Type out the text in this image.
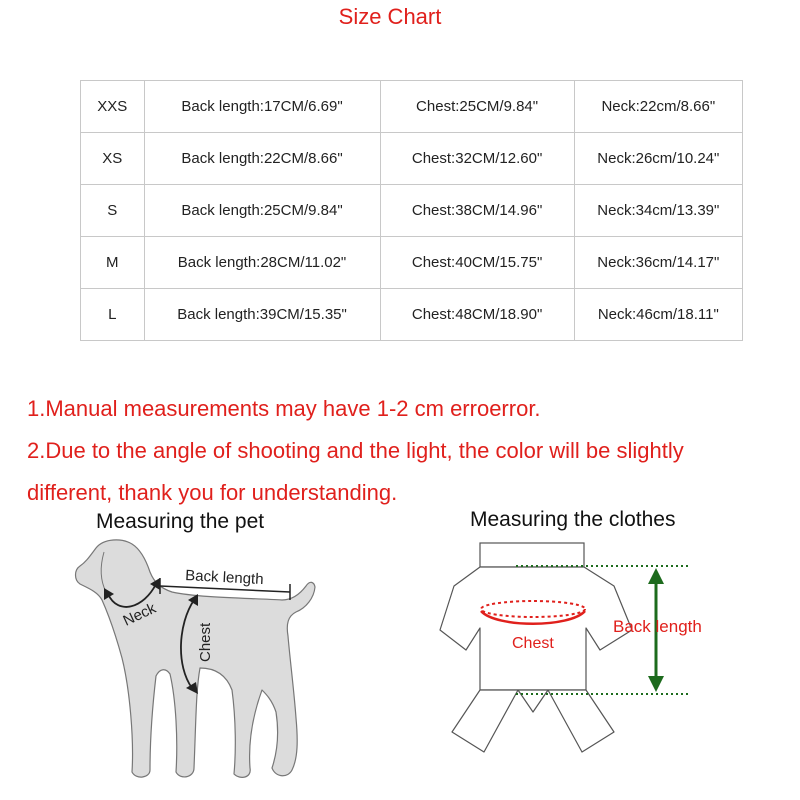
Size Chart
XXS	Back length:17CM/6.69"	Chest:25CM/9.84"	Neck:22cm/8.66"
XS	Back length:22CM/8.66"	Chest:32CM/12.60"	Neck:26cm/10.24"
S	Back length:25CM/9.84"	Chest:38CM/14.96"	Neck:34cm/13.39"
M	Back length:28CM/11.02"	Chest:40CM/15.75"	Neck:36cm/14.17"
L	Back length:39CM/15.35"	Chest:48CM/18.90"	Neck:46cm/18.11"

1.Manual measurements may have 1-2 cm erroerror.

2.Due to the angle of shooting and the light, the color will be slightly

different, thank you for understanding.

Measuring the pet	Measuring the clothes
Back length
Neck
Chest	Chest
Back length
